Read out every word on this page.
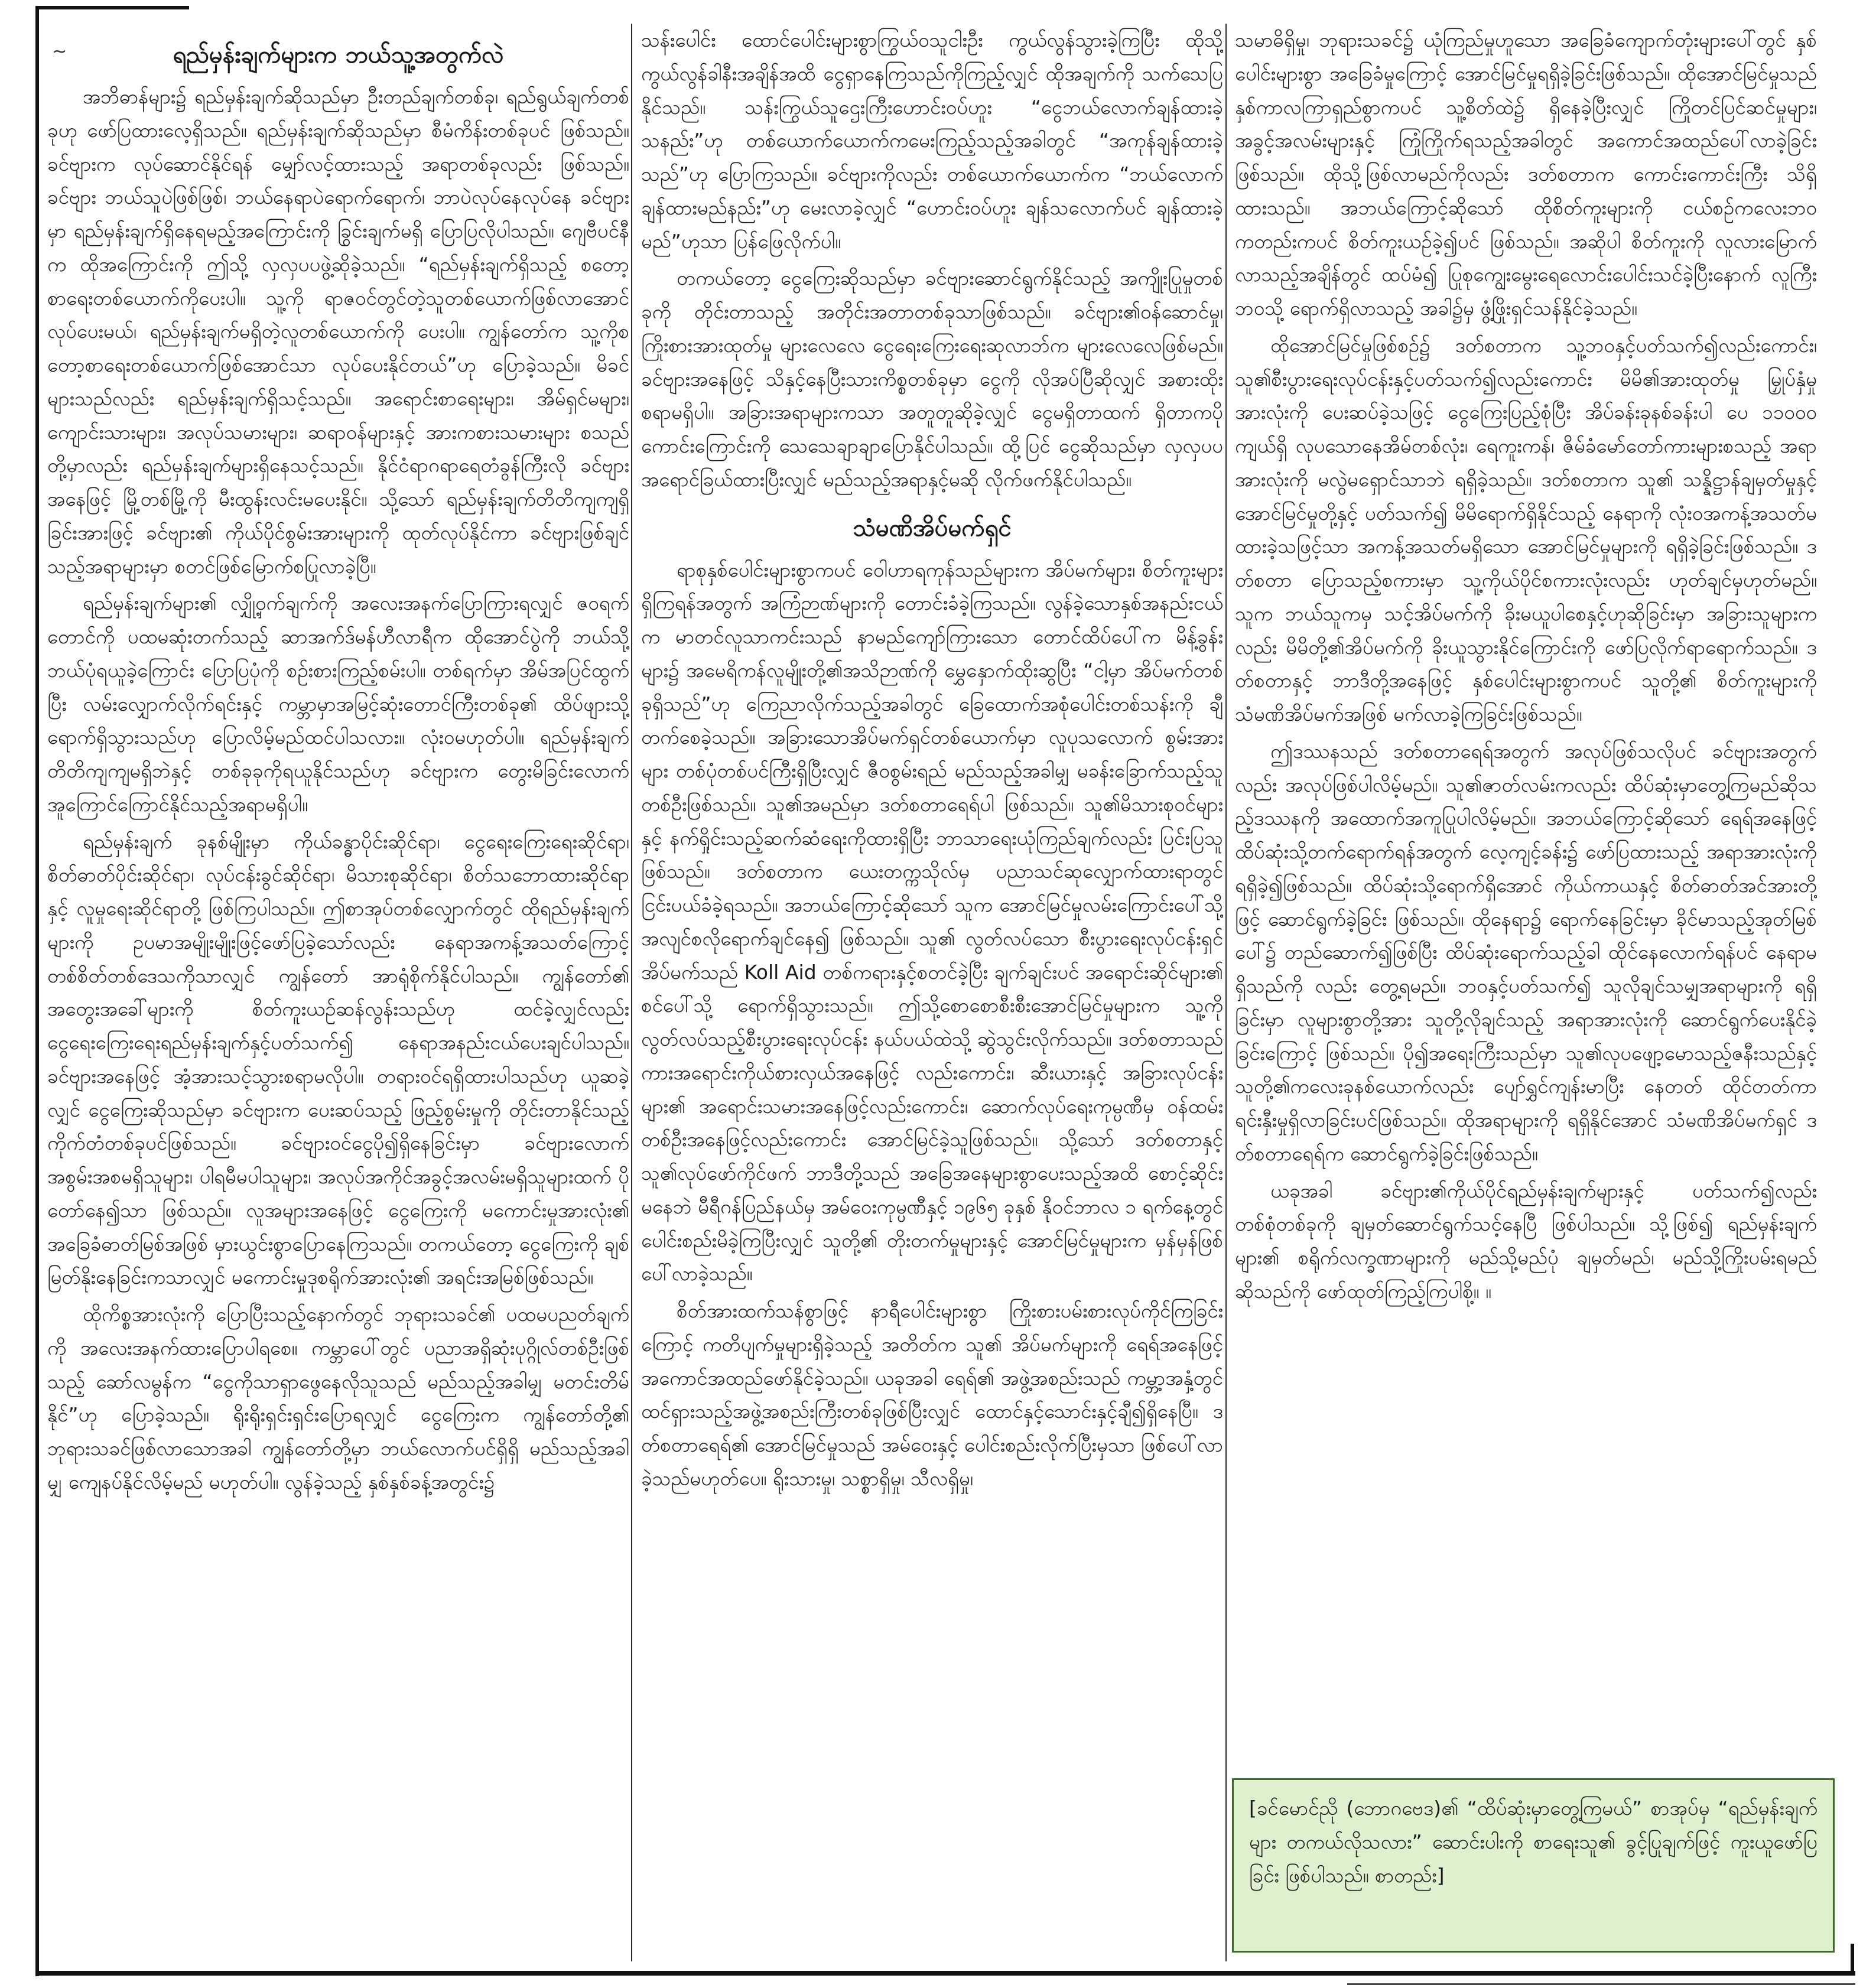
~	ရည်မှန်းချက်များက ဘယ်သူ့အတွက်လဲ

အဘိဓာန်များ၌ ရည်မှန်းချက်ဆိုသည်မှာ ဦးတည်ချက်တစ်ခု၊ ရည်ရွယ်ချက်တစ်ခုဟု ဖော်ပြထားလေ့ရှိသည်။ ရည်မှန်းချက်ဆိုသည်မှာ စီမံကိန်းတစ်ခုပင် ဖြစ်သည်။ ခင်ဗျားက လုပ်ဆောင်နိုင်ရန် မျှော်လင့်ထားသည့် အရာတစ်ခုလည်း ဖြစ်သည်။ ခင်ဗျား ဘယ်သူပဲဖြစ်ဖြစ်၊ ဘယ်နေရာပဲရောက်ရောက်၊ ဘာပဲလုပ်နေလုပ်နေ ခင်ဗျားမှာ ရည်မှန်းချက်ရှိနေရမည့်အကြောင်းကို ခြွင်းချက်မရှိ ပြောပြလိုပါသည်။ ဂျေဗီပင်နီက ထိုအကြောင်းကို ဤသို့ လှလှပပဖွဲ့ဆိုခဲ့သည်။ “ရည်မှန်းချက်ရှိသည့် စတော့စာရေးတစ်ယောက်ကိုပေးပါ။ သူ့ကို ရာဇဝင်တွင်တဲ့သူတစ်ယောက်ဖြစ်လာအောင် လုပ်ပေးမယ်၊ ရည်မှန်းချက်မရှိတဲ့လူတစ်ယောက်ကို ပေးပါ။ ကျွန်တော်က သူ့ကိုစတော့စာရေးတစ်ယောက်ဖြစ်အောင်သာ လုပ်ပေးနိုင်တယ်”ဟု ပြောခဲ့သည်။ မိခင်များသည်လည်း ရည်မှန်းချက်ရှိသင့်သည်။ အရောင်းစာရေးများ၊ အိမ်ရှင်မများ၊ ကျောင်းသားများ၊ အလုပ်သမားများ၊ ဆရာဝန်များနှင့် အားကစားသမားများ စသည်တို့မှာလည်း ရည်မှန်းချက်များရှိနေသင့်သည်။ နိုင်ငံရာဂရာရေတံခွန်ကြီးလို ခင်ဗျားအနေဖြင့် မြို့တစ်မြို့ကို မီးထွန်းလင်းမပေးနိုင်။ သို့သော် ရည်မှန်းချက်တိတိကျကျရှိခြင်းအားဖြင့် ခင်ဗျား၏ ကိုယ်ပိုင်စွမ်းအားများကို ထုတ်လုပ်နိုင်ကာ ခင်ဗျားဖြစ်ချင်သည့်အရာများမှာ စတင်ဖြစ်မြောက်စပြုလာခဲ့ပြီ။

ရည်မှန်းချက်များ၏ လျှို့ဝှက်ချက်ကို အလေးအနက်ပြောကြားရလျှင် ဇဝရက်တောင်ကို ပထမဆုံးတက်သည့် ဆာအက်ဒ်မန်ဟီလာရီက ထိုအောင်ပွဲကို ဘယ်သို့ဘယ်ပုံရယူခဲ့ကြောင်း ပြောပြပုံကို စဉ်းစားကြည့်စမ်းပါ။ တစ်ရက်မှာ အိမ်အပြင်ထွက်ပြီး လမ်းလျှောက်လိုက်ရင်းနှင့် ကမ္ဘာမှာအမြင့်ဆုံးတောင်ကြီးတစ်ခု၏ ထိပ်ဖျားသို့ ရောက်ရှိသွားသည်ဟု ပြောလိမ့်မည်ထင်ပါသလား။ လုံးဝမဟုတ်ပါ။ ရည်မှန်းချက်တိတိကျကျမရှိဘဲနှင့် တစ်ခုခုကိုရယူနိုင်သည်ဟု ခင်ဗျားက တွေးမိခြင်းလောက် အူကြောင်ကြောင်နိုင်သည့်အရာမရှိပါ။

ရည်မှန်းချက် ခုနစ်မျိုးမှာ ကိုယ်ခန္ဓာပိုင်းဆိုင်ရာ၊ ငွေရေးကြေးရေးဆိုင်ရာ၊ စိတ်ဓာတ်ပိုင်းဆိုင်ရာ၊ လုပ်ငန်းခွင်ဆိုင်ရာ၊ မိသားစုဆိုင်ရာ၊ စိတ်သဘောထားဆိုင်ရာနှင့် လူမှုရေးဆိုင်ရာတို့ ဖြစ်ကြပါသည်။ ဤစာအုပ်တစ်လျှောက်တွင် ထိုရည်မှန်းချက်များကို ဥပမာအမျိုးမျိုးဖြင့်ဖော်ပြခဲ့သော်လည်း နေရာအကန့်အသတ်ကြောင့် တစ်စိတ်တစ်ဒေသကိုသာလျှင် ကျွန်တော် အာရုံစိုက်နိုင်ပါသည်။ ကျွန်တော်၏ အတွေးအခေါ်များကို စိတ်ကူးယဉ်ဆန်လွန်းသည်ဟု ထင်ခဲ့လျှင်လည်း ငွေရေးကြေးရေးရည်မှန်းချက်နှင့်ပတ်သက်၍ နေရာအနည်းငယ်ပေးချင်ပါသည်။ ခင်ဗျားအနေဖြင့် အံ့အားသင့်သွားစရာမလိုပါ။ တရားဝင်ရရှိထားပါသည်ဟု ယူဆခဲ့လျှင် ငွေကြေးဆိုသည်မှာ ခင်ဗျားက ပေးဆပ်သည့် ဖြည့်စွမ်းမှုကို တိုင်းတာနိုင်သည့် ကိုက်တံတစ်ခုပင်ဖြစ်သည်။ ခင်ဗျားဝင်ငွေပို၍ရှိနေခြင်းမှာ ခင်ဗျားလောက် အစွမ်းအစမရှိသူများ၊ ပါရမီမပါသူများ၊ အလုပ်အကိုင်အခွင့်အလမ်းမရှိသူများထက် ပိုတော်နေ၍သာ ဖြစ်သည်။ လူအများအနေဖြင့် ငွေကြေးကို မကောင်းမှုအားလုံး၏ အခြေခံဓာတ်မြစ်အဖြစ် မှားယွင်းစွာပြောနေကြသည်။ တကယ်တော့ ငွေကြေးကို ချစ်မြတ်နိုးနေခြင်းကသာလျှင် မကောင်းမှုဒုစရိုက်အားလုံး၏ အရင်းအမြစ်ဖြစ်သည်။

ထိုကိစ္စအားလုံးကို ပြောပြီးသည့်နောက်တွင် ဘုရားသခင်၏ ပထမပညတ်ချက်ကို အလေးအနက်ထားပြောပါရစေ။ ကမ္ဘာပေါ်တွင် ပညာအရှိဆုံးပုဂ္ဂိုလ်တစ်ဦးဖြစ်သည့် ဆော်လမွန်က “ငွေကိုသာရှာဖွေနေလိုသူသည် မည်သည့်အခါမျှ မတင်းတိမ်နိုင်”ဟု ပြောခဲ့သည်။ ရိုးရိုးရှင်းရှင်းပြောရလျှင် ငွေကြေးက ကျွန်တော်တို့၏ ဘုရားသခင်ဖြစ်လာသောအခါ ကျွန်တော်တို့မှာ ဘယ်လောက်ပင်ရှိရှိ မည်သည့်အခါမျှ ကျေနပ်နိုင်လိမ့်မည် မဟုတ်ပါ။ လွန်ခဲ့သည့် နှစ်နှစ်ခန့်အတွင်း၌

သန်းပေါင်း ထောင်ပေါင်းများစွာကြွယ်ဝသူငါးဦး ကွယ်လွန်သွားခဲ့ကြပြီး ထိုသို့ကွယ်လွန်ခါနီးအချိန်အထိ ငွေရှာနေကြသည်ကိုကြည့်လျှင် ထိုအချက်ကို သက်သေပြနိုင်သည်။ သန်းကြွယ်သူဌေးကြီးဟောင်းဝပ်ဟူး “ငွေဘယ်လောက်ချန်ထားခဲ့သနည်း”ဟု တစ်ယောက်ယောက်ကမေးကြည့်သည့်အခါတွင် “အကုန်ချန်ထားခဲ့သည်”ဟု ပြောကြသည်။ ခင်ဗျားကိုလည်း တစ်ယောက်ယောက်က “ဘယ်လောက်ချန်ထားမည်နည်း”ဟု မေးလာခဲ့လျှင် “ဟောင်းဝပ်ဟူး ချန်သလောက်ပင် ချန်ထားခဲ့မည်”ဟုသာ ပြန်ဖြေလိုက်ပါ။

တကယ်တော့ ငွေကြေးဆိုသည်မှာ ခင်ဗျားဆောင်ရွက်နိုင်သည့် အကျိုးပြုမှုတစ်ခုကို တိုင်းတာသည့် အတိုင်းအတာတစ်ခုသာဖြစ်သည်။ ခင်ဗျား၏ဝန်ဆောင်မှု၊ ကြိုးစားအားထုတ်မှု များလေလေ ငွေရေးကြေးရေးဆုလာဘ်က များလေလေဖြစ်မည်။ ခင်ဗျားအနေဖြင့် သိနှင့်နေပြီးသားကိစ္စတစ်ခုမှာ ငွေကို လိုအပ်ပြီဆိုလျှင် အစားထိုးစရာမရှိပါ။ အခြားအရာများကသာ အတူတူဆိုခဲ့လျှင် ငွေမရှိတာထက် ရှိတာကပိုကောင်းကြောင်းကို သေသေချာချာပြောနိုင်ပါသည်။ ထို့ပြင် ငွေဆိုသည်မှာ လှလှပပအရောင်ခြယ်ထားပြီးလျှင် မည်သည့်အရာနှင့်မဆို လိုက်ဖက်နိုင်ပါသည်။

သံမဏိအိပ်မက်ရှင်

ရာစုနှစ်ပေါင်းများစွာကပင် ဝေါဟာရကုန်သည်များက အိပ်မက်များ၊ စိတ်ကူးများရှိကြရန်အတွက် အကြံဉာဏ်များကို တောင်းခံခဲ့ကြသည်။ လွန်ခဲ့သောနှစ်အနည်းငယ်က မာတင်လူသာကင်းသည် နာမည်ကျော်ကြားသော တောင်ထိပ်ပေါ်က မိန့်ခွန်းများ၌ အမေရိကန်လူမျိုးတို့၏အသိဉာဏ်ကို မွှေနှောက်ထိုးဆွပြီး “ငါ့မှာ အိပ်မက်တစ်ခုရှိသည်”ဟု ကြေညာလိုက်သည့်အခါတွင် ခြေထောက်အစုံပေါင်းတစ်သန်းကို ချီတက်စေခဲ့သည်။ အခြားသောအိပ်မက်ရှင်တစ်ယောက်မှာ လူပုသလောက် စွမ်းအားများ တစ်ပုံတစ်ပင်ကြီးရှိပြီးလျှင် ဇီဝစွမ်းရည် မည်သည့်အခါမျှ မခန်းခြောက်သည့်သူတစ်ဦးဖြစ်သည်။ သူ၏အမည်မှာ ဒတ်စတာရေရ်ပါ ဖြစ်သည်။ သူ၏မိသားစုဝင်များနှင့် နက်ရှိုင်းသည့်ဆက်ဆံရေးကိုထားရှိပြီး ဘာသာရေးယုံကြည်ချက်လည်း ပြင်းပြသူဖြစ်သည်။ ဒတ်စတာက ယေးတက္ကသိုလ်မှ ပညာသင်ဆုလျှောက်ထားရာတွင် ငြင်းပယ်ခံခဲ့ရသည်။ အဘယ်ကြောင့်ဆိုသော် သူက အောင်မြင်မှုလမ်းကြောင်းပေါ်သို့ အလျင်စလိုရောက်ချင်နေ၍ ဖြစ်သည်။ သူ၏ လွတ်လပ်သော စီးပွားရေးလုပ်ငန်းရှင်အိပ်မက်သည် Koll Aid တစ်ကရားနှင့်စတင်ခဲ့ပြီး ချက်ချင်းပင် အရောင်းဆိုင်များ၏ စင်ပေါ်သို့ ရောက်ရှိသွားသည်။ ဤသို့စောစောစီးစီးအောင်မြင်မှုများက သူ့ကို လွတ်လပ်သည့်စီးပွားရေးလုပ်ငန်း နယ်ပယ်ထဲသို့ ဆွဲသွင်းလိုက်သည်။ ဒတ်စတာသည် ကားအရောင်းကိုယ်စားလှယ်အနေဖြင့် လည်းကောင်း၊ ဆီးယားနှင့် အခြားလုပ်ငန်းများ၏ အရောင်းသမားအနေဖြင့်လည်းကောင်း၊ ဆောက်လုပ်ရေးကုမ္ပဏီမှ ဝန်ထမ်းတစ်ဦးအနေဖြင့်လည်းကောင်း အောင်မြင်ခဲ့သူဖြစ်သည်။ သို့သော် ဒတ်စတာနှင့် သူ၏လုပ်ဖော်ကိုင်ဖက် ဘာဒီတို့သည် အခြေအနေများစွာပေးသည့်အထိ စောင့်ဆိုင်းမနေဘဲ မီရီဂန်ပြည်နယ်မှ အမ်ဝေးကုမ္ပဏီနှင့် ၁၉၆၅ ခုနှစ် နိုဝင်ဘာလ ၁ ရက်နေ့တွင် ပေါင်းစည်းမိခဲ့ကြပြီးလျှင် သူတို့၏ တိုးတက်မှုများနှင့် အောင်မြင်မှုများက မှန်မှန်ဖြစ်ပေါ်လာခဲ့သည်။

စိတ်အားထက်သန်စွာဖြင့် နာရီပေါင်းများစွာ ကြိုးစားပမ်းစားလုပ်ကိုင်ကြခြင်းကြောင့် ကတိပျက်မှုများရှိခဲ့သည့် အတိတ်က သူ၏ အိပ်မက်များကို ရေရ်အနေဖြင့် အကောင်အထည်ဖော်နိုင်ခဲ့သည်။ ယခုအခါ ရေရ်၏ အဖွဲ့အစည်းသည် ကမ္ဘာ့အနှံ့တွင် ထင်ရှားသည့်အဖွဲ့အစည်းကြီးတစ်ခုဖြစ်ပြီးလျှင် ထောင်နှင့်သောင်းနှင့်ချီ၍ရှိနေပြီ။ ဒတ်စတာရေရ်၏ အောင်မြင်မှုသည် အမ်ဝေးနှင့် ပေါင်းစည်းလိုက်ပြီးမှသာ ဖြစ်ပေါ်လာခဲ့သည်မဟုတ်ပေ။ ရိုးသားမှု၊ သစ္စာရှိမှု၊ သီလရှိမှု၊

သမာဓိရှိမှု၊ ဘုရားသခင်၌ ယုံကြည်မှုဟူသော အခြေခံကျောက်တုံးများပေါ်တွင် နှစ်ပေါင်းများစွာ အခြေခံမှုကြောင့် အောင်မြင်မှုရရှိခဲ့ခြင်းဖြစ်သည်။ ထိုအောင်မြင်မှုသည် နှစ်ကာလကြာရှည်စွာကပင် သူ့စိတ်ထဲ၌ ရှိနေခဲ့ပြီးလျှင် ကြိုတင်ပြင်ဆင်မှုများ၊ အခွင့်အလမ်းများနှင့် ကြုံကြိုက်ရသည့်အခါတွင် အကောင်အထည်ပေါ်လာခဲ့ခြင်းဖြစ်သည်။ ထိုသို့ဖြစ်လာမည်ကိုလည်း ဒတ်စတာက ကောင်းကောင်းကြီး သိရှိထားသည်။ အဘယ်ကြောင့်ဆိုသော် ထိုစိတ်ကူးများကို ငယ်စဉ်ကလေးဘဝကတည်းကပင် စိတ်ကူးယဉ်ခဲ့၍ပင် ဖြစ်သည်။ အဆိုပါ စိတ်ကူးကို လူလားမြောက်လာသည့်အချိန်တွင် ထပ်မံ၍ ပြုစုကျွေးမွေးရေလောင်းပေါင်းသင်ခဲ့ပြီးနောက် လူကြီးဘဝသို့ ရောက်ရှိလာသည့် အခါ၌မှ ဖွံ့ဖြိုးရှင်သန်နိုင်ခဲ့သည်။

ထိုအောင်မြင်မှုဖြစ်စဉ်၌ ဒတ်စတာက သူ့ဘဝနှင့်ပတ်သက်၍လည်းကောင်း၊ သူ၏စီးပွားရေးလုပ်ငန်းနှင့်ပတ်သက်၍လည်းကောင်း မိမိ၏အားထုတ်မှု မြှုပ်နှံမှုအားလုံးကို ပေးဆပ်ခဲ့သဖြင့် ငွေကြေးပြည့်စုံပြီး အိပ်ခန်းခုနစ်ခန်းပါ ပေ ၁၁၀၀၀ ကျယ်ရှိ လုပသောနေအိမ်တစ်လုံး၊ ရေကူးကန်၊ ဇိမ်ခံမော်တော်ကားများစသည့် အရာအားလုံးကို မလွဲမရှောင်သာဘဲ ရရှိခဲ့သည်။ ဒတ်စတာက သူ၏ သန္နိဋ္ဌာန်ချမှတ်မှုနှင့် အောင်မြင်မှုတို့နှင့် ပတ်သက်၍ မိမိရောက်ရှိနိုင်သည့် နေရာကို လုံးဝအကန့်အသတ်မထားခဲ့သဖြင့်သာ အကန့်အသတ်မရှိသော အောင်မြင်မှုများကို ရရှိခဲ့ခြင်းဖြစ်သည်။ ဒတ်စတာ ပြောသည့်စကားမှာ သူ့ကိုယ်ပိုင်စကားလုံးလည်း ဟုတ်ချင်မှဟုတ်မည်။ သူက ဘယ်သူကမှ သင့်အိပ်မက်ကို ခိုးမယူပါစေနှင့်ဟုဆိုခြင်းမှာ အခြားသူများကလည်း မိမိတို့၏အိပ်မက်ကို ခိုးယူသွားနိုင်ကြောင်းကို ဖော်ပြလိုက်ရာရောက်သည်။ ဒတ်စတာနှင့် ဘာဒီတို့အနေဖြင့် နှစ်ပေါင်းများစွာကပင် သူတို့၏ စိတ်ကူးများကို သံမဏိအိပ်မက်အဖြစ် မက်လာခဲ့ကြခြင်းဖြစ်သည်။

ဤဒဿနသည် ဒတ်စတာရေရ်အတွက် အလုပ်ဖြစ်သလိုပင် ခင်ဗျားအတွက်လည်း အလုပ်ဖြစ်ပါလိမ့်မည်။ သူ၏ဇာတ်လမ်းကလည်း ထိပ်ဆုံးမှာတွေ့ကြမည်ဆိုသည့်ဒဿနကို အထောက်အကူပြုပါလိမ့်မည်။ အဘယ်ကြောင့်ဆိုသော် ရေရ်အနေဖြင့် ထိပ်ဆုံးသို့တက်ရောက်ရန်အတွက် လေ့ကျင့်ခန်း၌ ဖော်ပြထားသည့် အရာအားလုံးကို ရရှိခဲ့၍ဖြစ်သည်။ ထိပ်ဆုံးသို့ရောက်ရှိအောင် ကိုယ်ကာယနှင့် စိတ်ဓာတ်အင်အားတို့ဖြင့် ဆောင်ရွက်ခဲ့ခြင်း ဖြစ်သည်။ ထိုနေရာ၌ ရောက်နေခြင်းမှာ ခိုင်မာသည့်အုတ်မြစ်ပေါ်၌ တည်ဆောက်၍ဖြစ်ပြီး ထိပ်ဆုံးရောက်သည့်ခါ ထိုင်နေလောက်ရန်ပင် နေရာမရှိသည်ကို လည်း တွေ့ရမည်။ ဘဝနှင့်ပတ်သက်၍ သူလိုချင်သမျှအရာများကို ရရှိခြင်းမှာ လူများစွာတို့အား သူတို့လိုချင်သည့် အရာအားလုံးကို ဆောင်ရွက်ပေးနိုင်ခဲ့ခြင်းကြောင့် ဖြစ်သည်။ ပို၍အရေးကြီးသည်မှာ သူ၏လုပဖျော့မောသည့်ဇနီးသည်နှင့် သူတို့၏ကလေးခုနစ်ယောက်လည်း ပျော်ရွှင်ကျန်းမာပြီး နေတတ် ထိုင်တတ်ကာ ရင်းနှီးမှုရှိလာခြင်းပင်ဖြစ်သည်။ ထိုအရာများကို ရရှိနိုင်အောင် သံမဏိအိပ်မက်ရှင် ဒတ်စတာရေရ်က ဆောင်ရွက်ခဲ့ခြင်းဖြစ်သည်။

ယခုအခါ ခင်ဗျား၏ကိုယ်ပိုင်ရည်မှန်းချက်များနှင့် ပတ်သက်၍လည်း တစ်စုံတစ်ခုကို ချမှတ်ဆောင်ရွက်သင့်နေပြီ ဖြစ်ပါသည်။ သို့ဖြစ်၍ ရည်မှန်းချက်များ၏ စရိုက်လက္ခဏာများကို မည်သို့မည်ပုံ ချမှတ်မည်၊ မည်သို့ကြိုးပမ်းရမည်ဆိုသည်ကို ဖော်ထုတ်ကြည့်ကြပါစို့။ ။

[ခင်မောင်ညို (ဘောဂဗေဒ)၏ “ထိပ်ဆုံးမှာတွေ့ကြမယ်” စာအုပ်မှ “ရည်မှန်းချက်များ တကယ်လိုသလား” ဆောင်းပါးကို စာရေးသူ၏ ခွင့်ပြုချက်ဖြင့် ကူးယူဖော်ပြခြင်း ဖြစ်ပါသည်။ စာတည်း]
